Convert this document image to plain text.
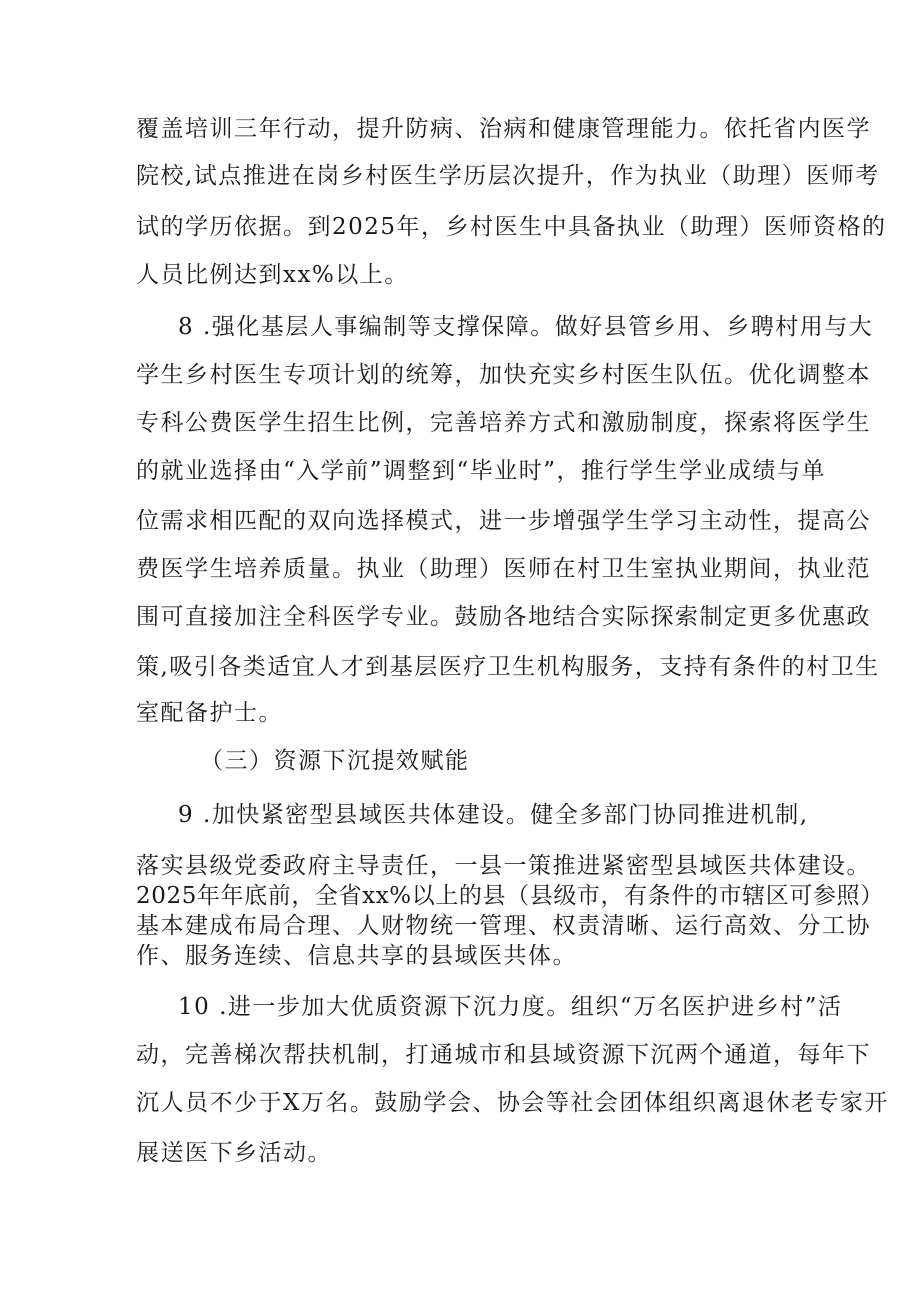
覆盖培训三年行动，提升防病、治病和健康管理能力。依托省内医学
院校,试点推进在岗乡村医生学历层次提升，作为执业（助理）医师考
试的学历依据。到2025年，乡村医生中具备执业（助理）医师资格的
人员比例达到xx%以上。
8 .强化基层人事编制等支撑保障。做好县管乡用、乡聘村用与大
学生乡村医生专项计划的统筹，加快充实乡村医生队伍。优化调整本
专科公费医学生招生比例，完善培养方式和激励制度，探索将医学生
的就业选择由“入学前”调整到“毕业时”，推行学生学业成绩与单
位需求相匹配的双向选择模式，进一步增强学生学习主动性，提高公
费医学生培养质量。执业（助理）医师在村卫生室执业期间，执业范
围可直接加注全科医学专业。鼓励各地结合实际探索制定更多优惠政
策,吸引各类适宜人才到基层医疗卫生机构服务，支持有条件的村卫生
室配备护士。
（三）资源下沉提效赋能
9 .加快紧密型县域医共体建设。健全多部门协同推进机制,
落实县级党委政府主导责任，一县一策推进紧密型县域医共体建设。
2025年年底前，全省xx%以上的县（县级市，有条件的市辖区可参照）
基本建成布局合理、人财物统一管理、权责清晰、运行高效、分工协
作、服务连续、信息共享的县域医共体。
10 .进一步加大优质资源下沉力度。组织“万名医护进乡村”活
动，完善梯次帮扶机制，打通城市和县域资源下沉两个通道，每年下
沉人员不少于X万名。鼓励学会、协会等社会团体组织离退休老专家开
展送医下乡活动。
